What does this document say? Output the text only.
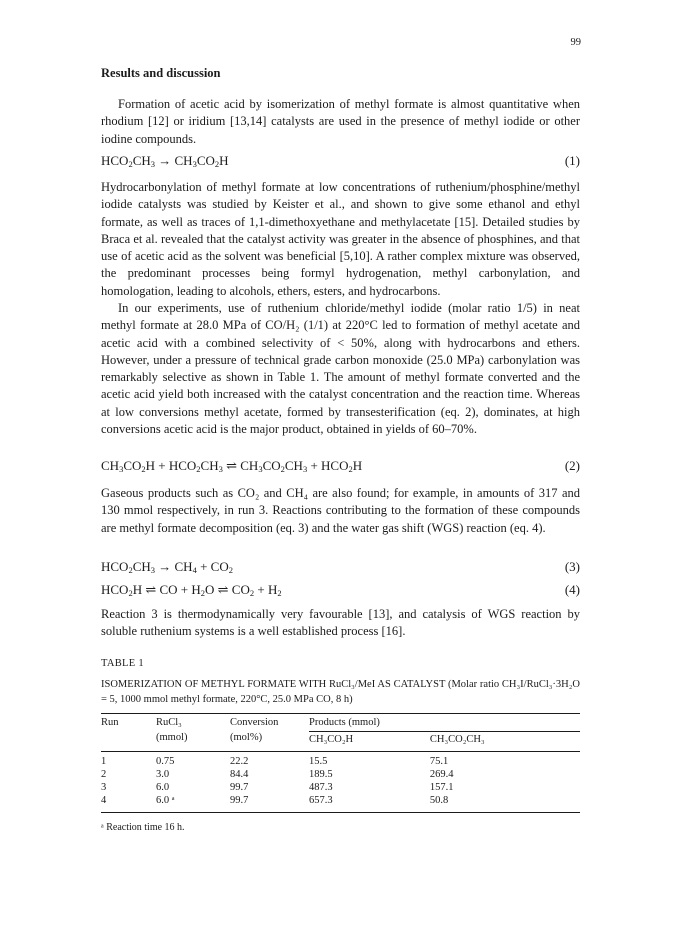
99
Results and discussion

Formation of acetic acid by isomerization of methyl formate is almost quantitative when rhodium [12] or iridium [13,14] catalysts are used in the presence of methyl iodide or other iodine compounds.

$HCO_2CH_3 \to CH_3CO_2H$	(1)

Hydrocarbonylation of methyl formate at low concentrations of ruthenium/phosphine/methyl iodide catalysts was studied by Keister et al., and shown to give some ethanol and ethyl formate, as well as traces of 1,1-dimethoxyethane and methylacetate [15]. Detailed studies by Braca et al. revealed that the catalyst activity was greater in the absence of phosphines, and that use of acetic acid as the solvent was beneficial [5,10]. A rather complex mixture was observed, the predominant processes being formyl hydrogenation, methyl carbonylation, and homologation, leading to alcohols, ethers, esters, and hydrocarbons.

In our experiments, use of ruthenium chloride/methyl iodide (molar ratio 1/5) in neat methyl formate at 28.0 MPa of CO/H₂ (1/1) at 220°C led to formation of methyl acetate and acetic acid with a combined selectivity of < 50%, along with hydrocarbons and ethers. However, under a pressure of technical grade carbon monoxide (25.0 MPa) carbonylation was remarkably selective as shown in Table 1. The amount of methyl formate converted and the acetic acid yield both increased with the catalyst concentration and the reaction time. Whereas at low conversions methyl acetate, formed by transesterification (eq. 2), dominates, at high conversions acetic acid is the major product, obtained in yields of 60–70%.

$CH_3CO_2H + HCO_2CH_3$ ⇌ $CH_3CO_2CH_3 + HCO_2H$	(2)

Gaseous products such as CO₂ and CH₄ are also found; for example, in amounts of 317 and 130 mmol respectively, in run 3. Reactions contributing to the formation of these compounds are methyl formate decomposition (eq. 3) and the water gas shift (WGS) reaction (eq. 4).

$HCO_2CH_3 \to CH_4 + CO_2$	(3)
$HCO_2H$ ⇌ CO + $H_2O$ ⇌ $CO_2 + H_2$	(4)

Reaction 3 is thermodynamically very favourable [13], and catalysis of WGS reaction by soluble ruthenium systems is a well established process [16].

TABLE 1

ISOMERIZATION OF METHYL FORMATE WITH RuCl₃/MeI AS CATALYST (Molar ratio CH₃I/RuCl₃·3H₂O = 5, 1000 mmol methyl formate, 220°C, 25.0 MPa CO, 8 h)

Run	RuCl₃	Conversion	Products (mmol)	
	(mmol)	(mol%)	CH₃CO₂H	CH₃CO₂CH₃
1	0.75	22.2	15.5	75.1
2	3.0	84.4	189.5	269.4
3	6.0	99.7	487.3	157.1
4	6.0 ᵃ	99.7	657.3	50.8
ᵃ Reaction time 16 h.
